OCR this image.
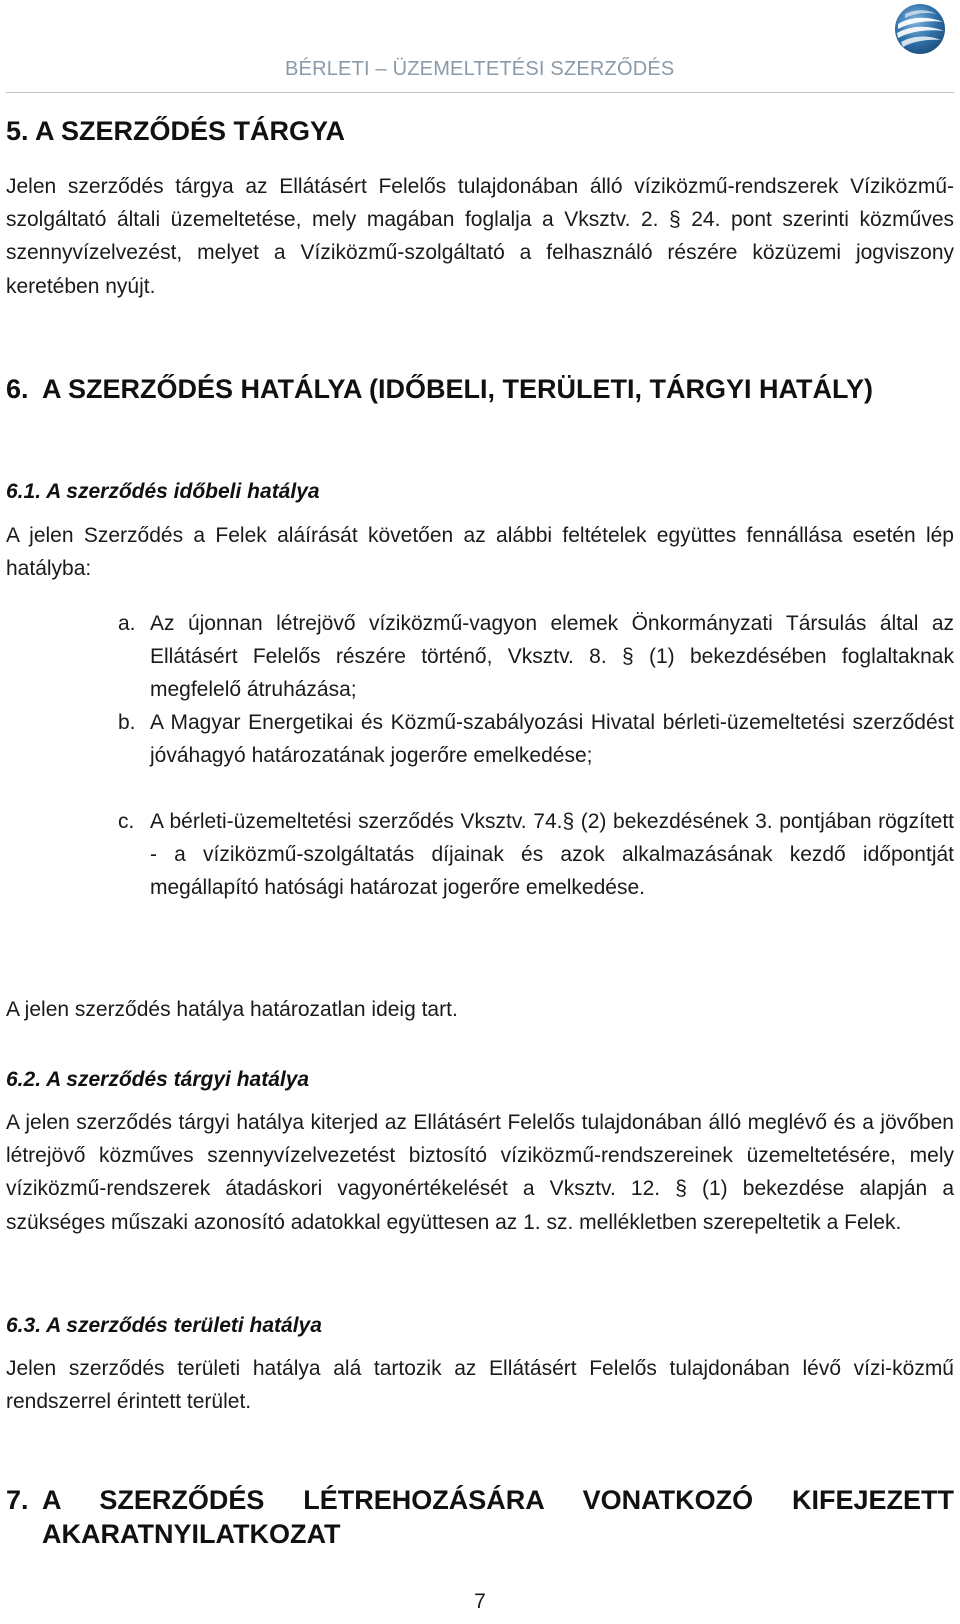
BÉRLETI – ÜZEMELTETÉSI SZERZŐDÉS
5. A SZERZŐDÉS TÁRGYA
Jelen szerződés tárgya az Ellátásért Felelős tulajdonában álló víziközmű-rendszerek Víziközmű-szolgáltató általi üzemeltetése, mely magában foglalja a Vksztv. 2. § 24. pont szerinti közműves szennyvízelvezést, melyet a Víziközmű-szolgáltató a felhasználó részére közüzemi jogviszony keretében nyújt.
6. A SZERZŐDÉS HATÁLYA (IDŐBELI, TERÜLETI, TÁRGYI HATÁLY)
6.1. A szerződés időbeli hatálya
A jelen Szerződés a Felek aláírását követően az alábbi feltételek együttes fennállása esetén lép hatályba:
a. Az újonnan létrejövő víziközmű-vagyon elemek Önkormányzati Társulás által az Ellátásért Felelős részére történő, Vksztv. 8. § (1) bekezdésében foglaltaknak megfelelő átruházása;
b. A Magyar Energetikai és Közmű-szabályozási Hivatal bérleti-üzemeltetési szerződést jóváhagyó határozatának jogerőre emelkedése;
c. A bérleti-üzemeltetési szerződés Vksztv. 74.§ (2) bekezdésének 3. pontjában rögzített - a víziközmű-szolgáltatás díjainak és azok alkalmazásának kezdő időpontját megállapító hatósági határozat jogerőre emelkedése.
A jelen szerződés hatálya határozatlan ideig tart.
6.2. A szerződés tárgyi hatálya
A jelen szerződés tárgyi hatálya kiterjed az Ellátásért Felelős tulajdonában álló meglévő és a jövőben létrejövő közműves szennyvízelvezetést biztosító víziközmű-rendszereinek üzemeltetésére, mely víziközmű-rendszerek átadáskori vagyonértékelését a Vksztv. 12. § (1) bekezdése alapján a szükséges műszaki azonosító adatokkal együttesen az 1. sz. mellékletben szerepeltetik a Felek.
6.3. A szerződés területi hatálya
Jelen szerződés területi hatálya alá tartozik az Ellátásért Felelős tulajdonában lévő vízi-közmű rendszerrel érintett terület.
7. A SZERZŐDÉS LÉTREHOZÁSÁRA VONATKOZÓ KIFEJEZETT AKARATNYILATKOZAT
7
